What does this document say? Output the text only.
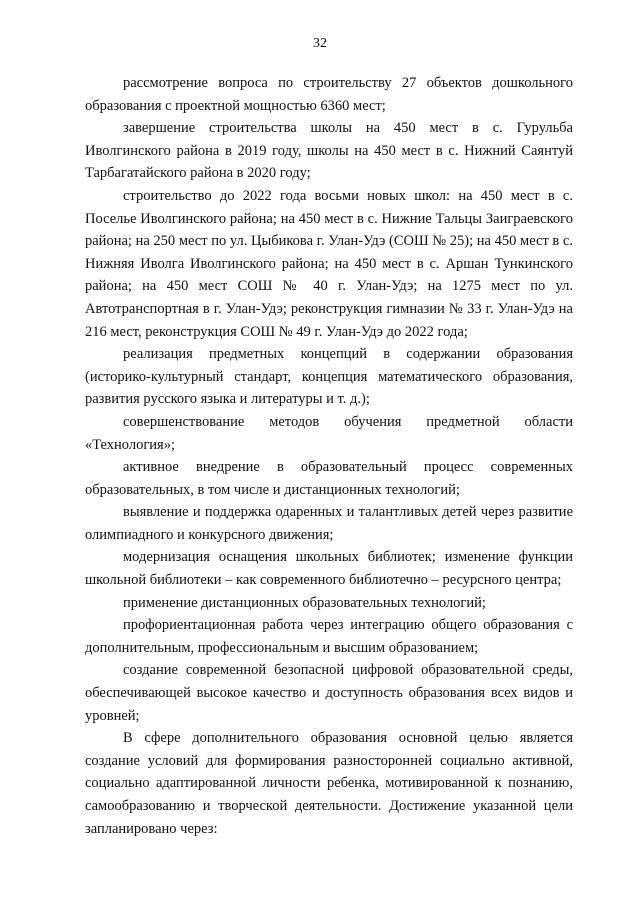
32

рассмотрение вопроса по строительству 27 объектов дошкольного образования с проектной мощностью 6360 мест;

завершение строительства школы на 450 мест в с. Гурульба Иволгинского района в 2019 году, школы на 450 мест в с. Нижний Саянтуй Тарбагатайского района в 2020 году;

строительство до 2022 года восьми новых школ: на 450 мест в с. Поселье Иволгинского района; на 450 мест в с. Нижние Тальцы Заиграевского района; на 250 мест по ул. Цыбикова г. Улан-Удэ (СОШ № 25); на 450 мест в с. Нижняя Иволга Иволгинского района; на 450 мест в с. Аршан Тункинского района; на 450 мест СОШ № 40 г. Улан-Удэ; на 1275 мест по ул. Автотранспортная в г. Улан-Удэ; реконструкция гимназии № 33 г. Улан-Удэ на 216 мест, реконструкция СОШ № 49 г. Улан-Удэ до 2022 года;

реализация предметных концепций в содержании образования (историко-культурный стандарт, концепция математического образования, развития русского языка и литературы и т. д.);

совершенствование методов обучения предметной области «Технология»;

активное внедрение в образовательный процесс современных образовательных, в том числе и дистанционных технологий;

выявление и поддержка одаренных и талантливых детей через развитие олимпиадного и конкурсного движения;

модернизация оснащения школьных библиотек; изменение функции школьной библиотеки – как современного библиотечно – ресурсного центра;

применение дистанционных образовательных технологий;

профориентационная работа через интеграцию общего образования с дополнительным, профессиональным и высшим образованием;

создание современной безопасной цифровой образовательной среды, обеспечивающей высокое качество и доступность образования всех видов и уровней;

В сфере дополнительного образования основной целью является создание условий для формирования разносторонней социально активной, социально адаптированной личности ребенка, мотивированной к познанию, самообразованию и творческой деятельности. Достижение указанной цели запланировано через:
